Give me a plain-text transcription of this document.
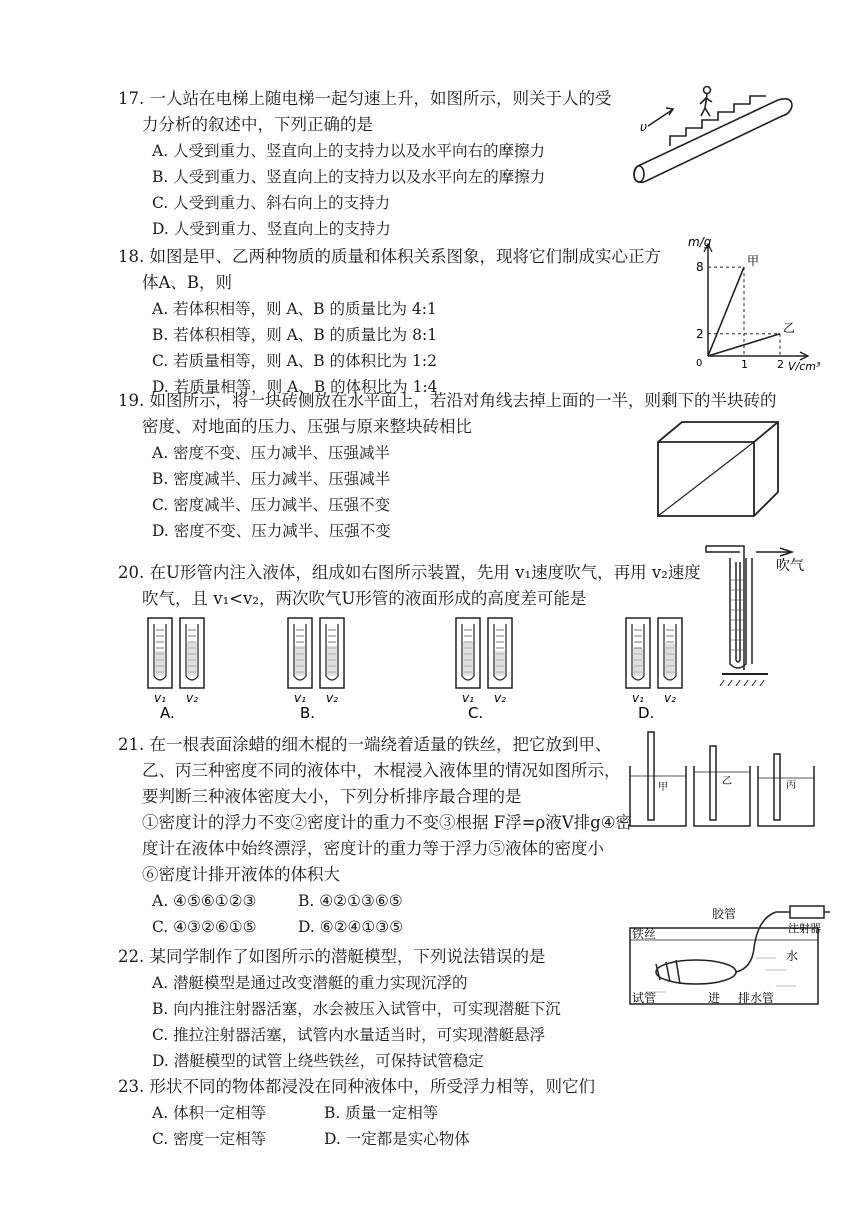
17. 一人站在电梯上随电梯一起匀速上升，如图所示，则关于人的受

力分析的叙述中，下列正确的是

A. 人受到重力、竖直向上的支持力以及水平向右的摩擦力
B. 人受到重力、竖直向上的支持力以及水平向左的摩擦力
C. 人受到重力、斜右向上的支持力
D. 人受到重力、竖直向上的支持力
υ

18. 如图是甲、乙两种物质的质量和体积关系图象，现将它们制成实心正方

体A、B，则

A. 若体积相等，则 A、B 的质量比为 4:1
B. 若体积相等，则 A、B 的质量比为 8:1
C. 若质量相等，则 A、B 的体积比为 1:2
D. 若质量相等，则 A、B 的体积比为 1:4
m/g
V/cm³
0
甲
乙
1	2
2
8

19. 如图所示，将一块砖侧放在水平面上，若沿对角线去掉上面的一半，则剩下的半块砖的

密度、对地面的压力、压强与原来整块砖相比

A. 密度不变、压力减半、压强减半
B. 密度减半、压力减半、压强减半
C. 密度减半、压力减半、压强不变
D. 密度不变、压力减半、压强不变

20. 在U形管内注入液体，组成如右图所示装置，先用 v₁速度吹气，再用 v₂速度

吹气，且 v₁<v₂，两次吹气U形管的液面形成的高度差可能是

吹气
v₁ v₂
A.
v₁ v₂
B.
v₁ v₂
C.
v₁ v₂
D.

21. 在一根表面涂蜡的细木棍的一端绕着适量的铁丝，把它放到甲、

乙、丙三种密度不同的液体中，木棍浸入液体里的情况如图所示，

要判断三种液体密度大小，下列分析排序最合理的是

①密度计的浮力不变②密度计的重力不变③根据 F浮=ρ液V排g④密

度计在液体中始终漂浮，密度计的重力等于浮力⑤液体的密度小

⑥密度计排开液体的体积大

A. ④⑤⑥①②③	B. ④②①③⑥⑤
C. ④③②⑥①⑤	D. ⑥②④①③⑤
甲
乙	丙

22. 某同学制作了如图所示的潜艇模型，下列说法错误的是

A. 潜艇模型是通过改变潜艇的重力实现沉浮的
B. 向内推注射器活塞，水会被压入试管中，可实现潜艇下沉
C. 推拉注射器活塞，试管内水量适当时，可实现潜艇悬浮
D. 潜艇模型的试管上绕些铁丝，可保持试管稳定
胶管
注射器
铁丝
水
试管	进 排水管

23. 形状不同的物体都浸没在同种液体中，所受浮力相等，则它们

A. 体积一定相等	B. 质量一定相等
C. 密度一定相等	D. 一定都是实心物体
